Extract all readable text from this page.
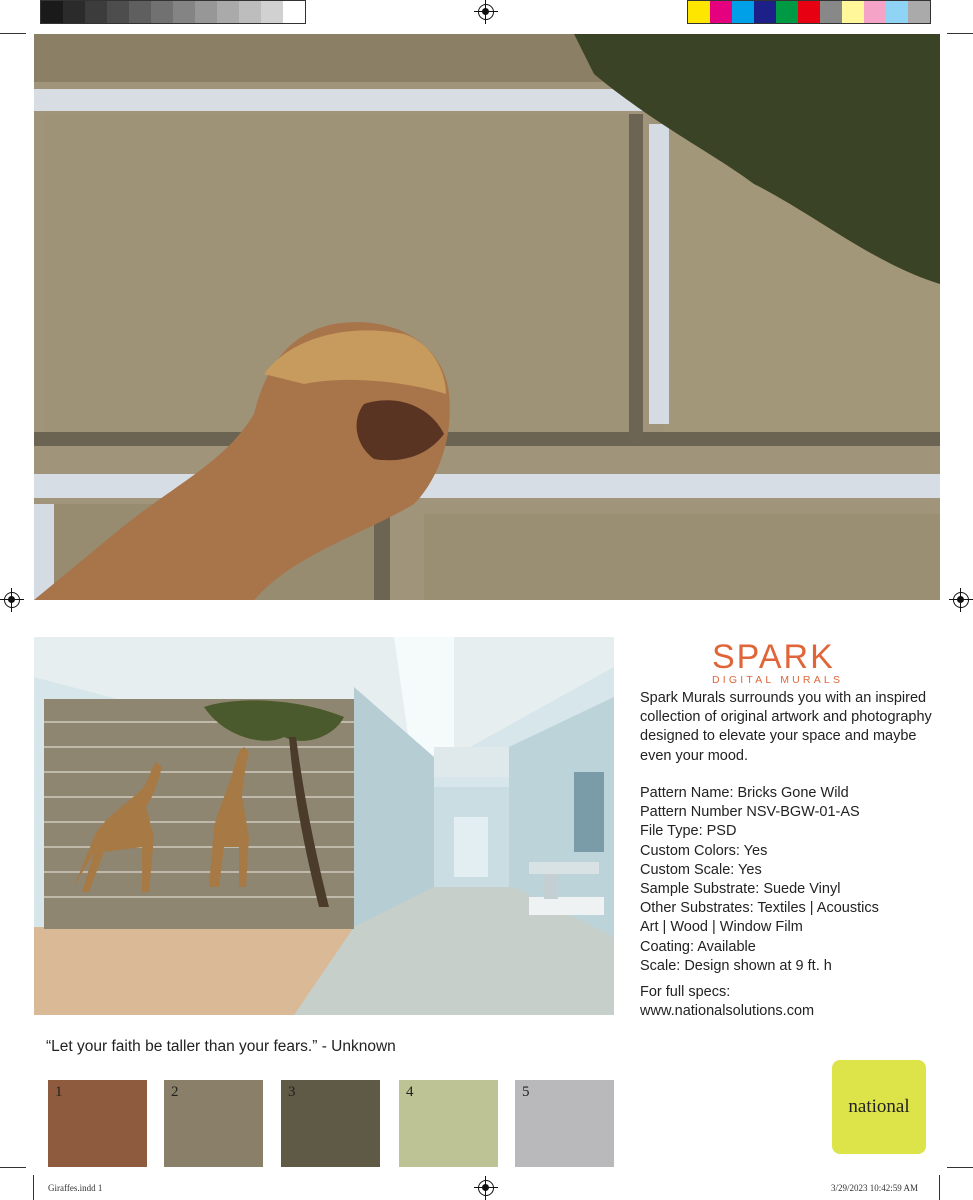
SPARK
DIGITAL MURALS
Spark Murals surrounds you with an inspired collection of original artwork and photography designed to elevate your space and maybe even your mood.
Pattern Name: Bricks Gone Wild
Pattern Number NSV-BGW-01-AS
File Type: PSD
Custom Colors: Yes
Custom Scale: Yes
Sample Substrate: Suede Vinyl
Other Substrates: Textiles | Acoustics
Art | Wood | Window Film
Coating: Available
Scale: Design shown at 9 ft. h
For full specs:
www.nationalsolutions.com
“Let your faith be taller than your fears.” - Unknown
1	2	3	4	5
national
Giraffes.indd 1	3/29/2023 10:42:59 AM
